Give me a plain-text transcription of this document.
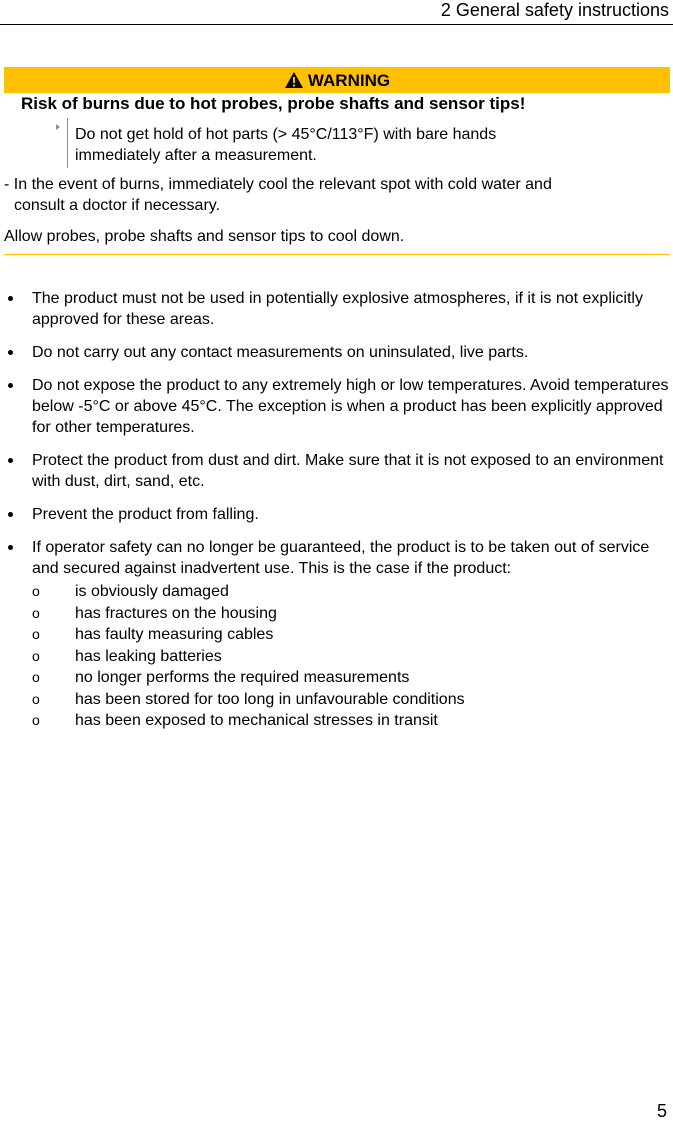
2 General safety instructions
WARNING
Risk of burns due to hot probes, probe shafts and sensor tips!
Do not get hold of hot parts (> 45°C/113°F) with bare hands
immediately after a measurement.
- In the event of burns, immediately cool the relevant spot with cold water and
consult a doctor if necessary.
Allow probes, probe shafts and sensor tips to cool down.
The product must not be used in potentially explosive atmospheres, if it is not explicitly approved for these areas.
Do not carry out any contact measurements on uninsulated, live parts.
Do not expose the product to any extremely high or low temperatures. Avoid temperatures below -5°C or above 45°C. The exception is when a product has been explicitly approved for other temperatures.
Protect the product from dust and dirt. Make sure that it is not exposed to an environment with dust, dirt, sand, etc.
Prevent the product from falling.
If operator safety can no longer be guaranteed, the product is to be taken out of service and secured against inadvertent use. This is the case if the product:
o is obviously damaged
o has fractures on the housing
o has faulty measuring cables
o has leaking batteries
o no longer performs the required measurements
o has been stored for too long in unfavourable conditions
o has been exposed to mechanical stresses in transit
5
